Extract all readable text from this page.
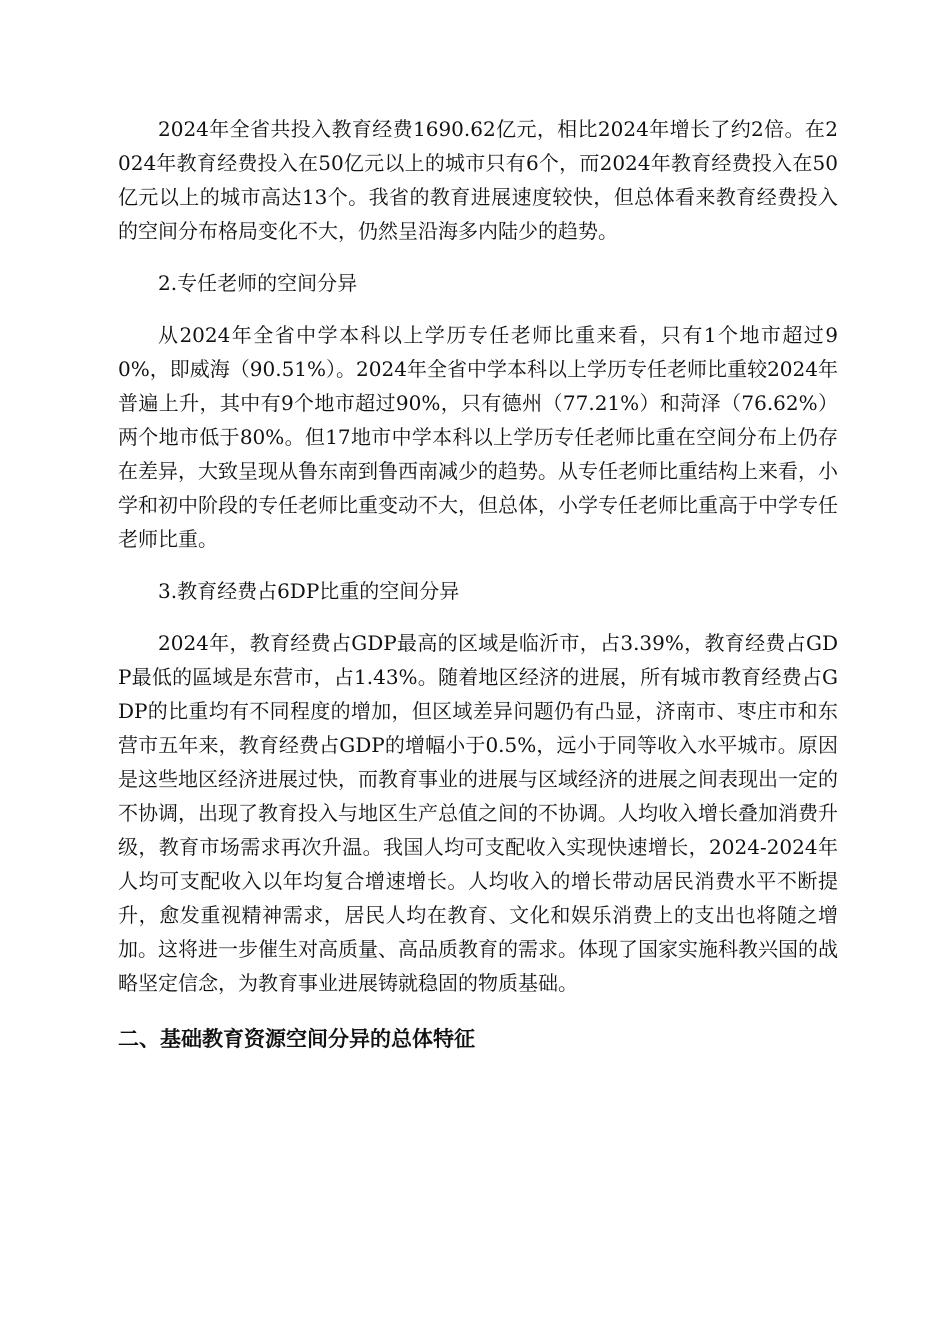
2024年全省共投入教育经费1690.62亿元，相比2024年增长了约2倍。在2024年教育经费投入在50亿元以上的城市只有6个，而2024年教育经费投入在50亿元以上的城市高达13个。我省的教育进展速度较快，但总体看来教育经费投入的空间分布格局变化不大，仍然呈沿海多内陆少的趋势。

2.专任老师的空间分异

从2024年全省中学本科以上学历专任老师比重来看，只有1个地市超过90%，即威海（90.51%）。2024年全省中学本科以上学历专任老师比重较2024年普遍上升，其中有9个地市超过90%，只有德州（77.21%）和菏泽（76.62%）两个地市低于80%。但17地市中学本科以上学历专任老师比重在空间分布上仍存在差异，大致呈现从鲁东南到鲁西南减少的趋势。从专任老师比重结构上来看，小学和初中阶段的专任老师比重变动不大，但总体，小学专任老师比重高于中学专任老师比重。

3.教育经费占6DP比重的空间分异

2024年，教育经费占GDP最高的区域是临沂市，占3.39%，教育经费占GDP最低的區域是东营市，占1.43%。随着地区经济的进展，所有城市教育经费占GDP的比重均有不同程度的增加，但区域差异问题仍有凸显，济南市、枣庄市和东营市五年来，教育经费占GDP的增幅小于0.5%，远小于同等收入水平城市。原因是这些地区经济进展过快，而教育事业的进展与区域经济的进展之间表现出一定的不协调，出现了教育投入与地区生产总值之间的不协调。人均收入增长叠加消费升级，教育市场需求再次升温。我国人均可支配收入实现快速增长，2024-2024年人均可支配收入以年均复合增速增长。人均收入的增长带动居民消费水平不断提升，愈发重视精神需求，居民人均在教育、文化和娱乐消费上的支出也将随之增加。这将进一步催生对高质量、高品质教育的需求。体现了国家实施科教兴国的战略坚定信念，为教育事业进展铸就稳固的物质基础。

二、基础教育资源空间分异的总体特征
